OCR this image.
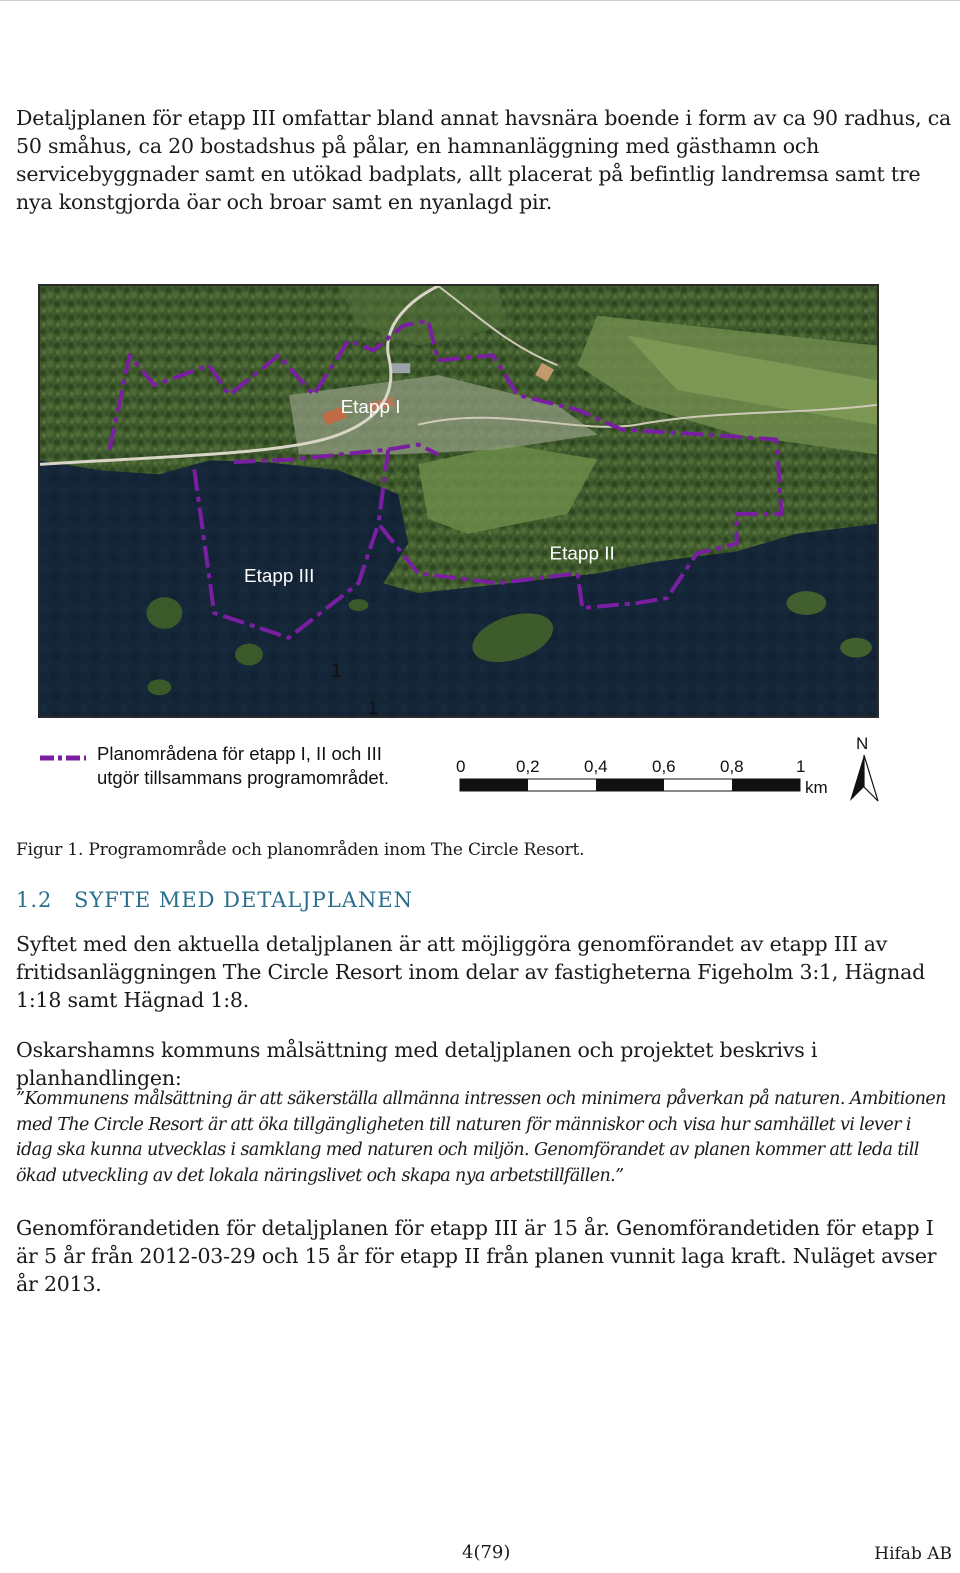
Detaljplanen för etapp III omfattar bland annat havsnära boende i form av ca 90 radhus, ca 50 småhus, ca 20 bostadshus på pålar, en hamnanläggning med gästhamn och servicebyggnader samt en utökad badplats, allt placerat på befintlig landremsa samt tre nya konstgjorda öar och broar samt en nyanlagd pir.

Etapp I
Etapp II
Etapp III
1
1
Planområdena för etapp I, II och III
utgör tillsammans programområdet.
0	0,2	0,4	0,6	0,8	1
km
N

Figur 1. Programområde och planområden inom The Circle Resort.

1.2 SYFTE MED DETALJPLANEN

Syftet med den aktuella detaljplanen är att möjliggöra genomförandet av etapp III av fritidsanläggningen The Circle Resort inom delar av fastigheterna Figeholm 3:1, Hägnad 1:18 samt Hägnad 1:8.

Oskarshamns kommuns målsättning med detaljplanen och projektet beskrivs i planhandlingen:

”Kommunens målsättning är att säkerställa allmänna intressen och minimera påverkan på naturen. Ambitionen med The Circle Resort är att öka tillgängligheten till naturen för människor och visa hur samhället vi lever i idag ska kunna utvecklas i samklang med naturen och miljön. Genomförandet av planen kommer att leda till ökad utveckling av det lokala näringslivet och skapa nya arbetstillfällen.”

Genomförandetiden för detaljplanen för etapp III är 15 år. Genomförandetiden för etapp I är 5 år från 2012-03-29 och 15 år för etapp II från planen vunnit laga kraft. Nuläget avser år 2013.

4(79)	Hifab AB
